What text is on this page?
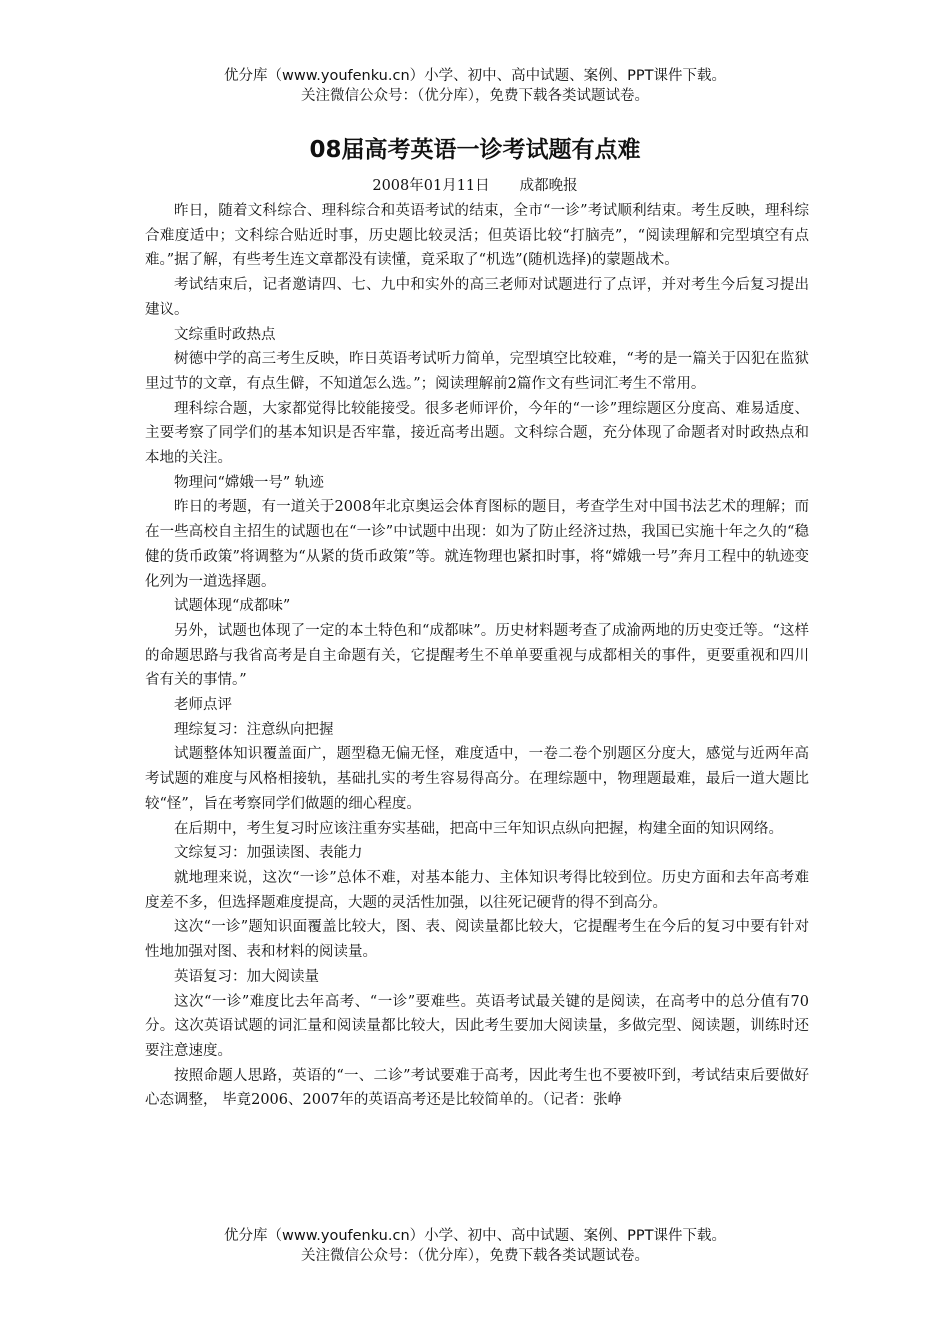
优分库（www.youfenku.cn）小学、初中、高中试题、案例、PPT课件下载。
关注微信公众号：（优分库），免费下载各类试题试卷。
08届高考英语一诊考试题有点难
2008年01月11日 成都晚报

昨日，随着文科综合、理科综合和英语考试的结束，全市“一诊”考试顺利结束。考生反映，理科综合难度适中；文科综合贴近时事，历史题比较灵活；但英语比较“打脑壳”，“阅读理解和完型填空有点难。”据了解，有些考生连文章都没有读懂，竟采取了“机选”(随机选择)的蒙题战术。

考试结束后，记者邀请四、七、九中和实外的高三老师对试题进行了点评，并对考生今后复习提出建议。

文综重时政热点

树德中学的高三考生反映，昨日英语考试听力简单，完型填空比较难，“考的是一篇关于囚犯在监狱里过节的文章，有点生僻，不知道怎么选。”；阅读理解前2篇作文有些词汇考生不常用。

理科综合题，大家都觉得比较能接受。很多老师评价，今年的“一诊”理综题区分度高、难易适度、主要考察了同学们的基本知识是否牢靠，接近高考出题。文科综合题，充分体现了命题者对时政热点和本地的关注。

物理问“嫦娥一号” 轨迹

昨日的考题，有一道关于2008年北京奥运会体育图标的题目，考查学生对中国书法艺术的理解；而在一些高校自主招生的试题也在“一诊”中试题中出现：如为了防止经济过热，我国已实施十年之久的“稳健的货币政策”将调整为“从紧的货币政策”等。就连物理也紧扣时事，将“嫦娥一号”奔月工程中的轨迹变化列为一道选择题。

试题体现“成都味”

另外，试题也体现了一定的本土特色和“成都味”。历史材料题考查了成渝两地的历史变迁等。“这样的命题思路与我省高考是自主命题有关，它提醒考生不单单要重视与成都相关的事件，更要重视和四川省有关的事情。”

老师点评

理综复习：注意纵向把握

试题整体知识覆盖面广，题型稳无偏无怪，难度适中，一卷二卷个别题区分度大，感觉与近两年高考试题的难度与风格相接轨，基础扎实的考生容易得高分。在理综题中，物理题最难，最后一道大题比较“怪”，旨在考察同学们做题的细心程度。

在后期中，考生复习时应该注重夯实基础，把高中三年知识点纵向把握，构建全面的知识网络。

文综复习：加强读图、表能力

就地理来说，这次“一诊”总体不难，对基本能力、主体知识考得比较到位。历史方面和去年高考难度差不多，但选择题难度提高，大题的灵活性加强，以往死记硬背的得不到高分。

这次“一诊”题知识面覆盖比较大，图、表、阅读量都比较大，它提醒考生在今后的复习中要有针对性地加强对图、表和材料的阅读量。

英语复习：加大阅读量

这次“一诊”难度比去年高考、“一诊”要难些。英语考试最关键的是阅读，在高考中的总分值有70分。这次英语试题的词汇量和阅读量都比较大，因此考生要加大阅读量，多做完型、阅读题，训练时还要注意速度。

按照命题人思路，英语的“一、二诊”考试要难于高考，因此考生也不要被吓到，考试结束后要做好心态调整， 毕竟2006、2007年的英语高考还是比较简单的。（记者：张峥

优分库（www.youfenku.cn）小学、初中、高中试题、案例、PPT课件下载。
关注微信公众号：（优分库），免费下载各类试题试卷。
